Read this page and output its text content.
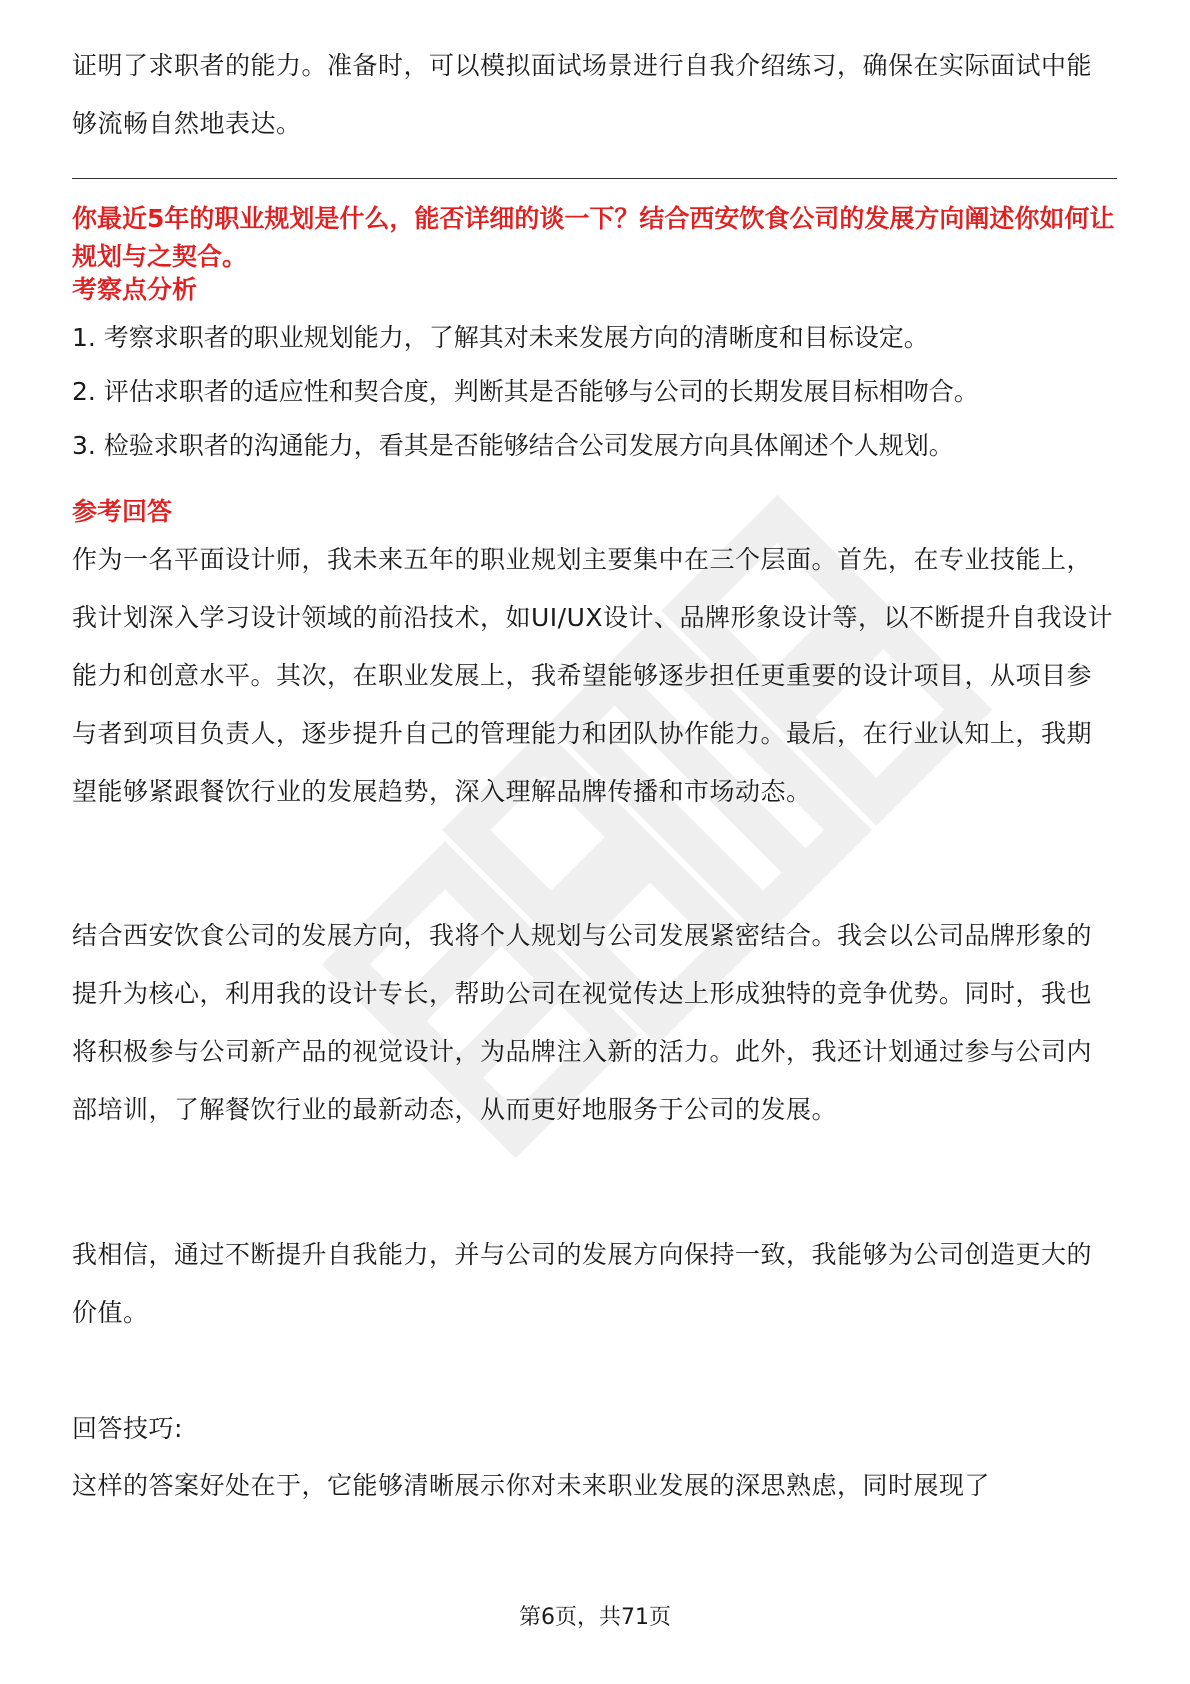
证明了求职者的能力。准备时，可以模拟面试场景进行自我介绍练习，确保在实际面试中能够流畅自然地表达。

你最近5年的职业规划是什么，能否详细的谈一下？结合西安饮食公司的发展方向阐述你如何让规划与之契合。

考察点分析

1. 考察求职者的职业规划能力，了解其对未来发展方向的清晰度和目标设定。

2. 评估求职者的适应性和契合度，判断其是否能够与公司的长期发展目标相吻合。

3. 检验求职者的沟通能力，看其是否能够结合公司发展方向具体阐述个人规划。

参考回答

作为一名平面设计师，我未来五年的职业规划主要集中在三个层面。首先，在专业技能上，我计划深入学习设计领域的前沿技术，如UI/UX设计、品牌形象设计等，以不断提升自我设计能力和创意水平。其次，在职业发展上，我希望能够逐步担任更重要的设计项目，从项目参与者到项目负责人，逐步提升自己的管理能力和团队协作能力。最后，在行业认知上，我期望能够紧跟餐饮行业的发展趋势，深入理解品牌传播和市场动态。

结合西安饮食公司的发展方向，我将个人规划与公司发展紧密结合。我会以公司品牌形象的提升为核心，利用我的设计专长，帮助公司在视觉传达上形成独特的竞争优势。同时，我也将积极参与公司新产品的视觉设计，为品牌注入新的活力。此外，我还计划通过参与公司内部培训，了解餐饮行业的最新动态，从而更好地服务于公司的发展。

我相信，通过不断提升自我能力，并与公司的发展方向保持一致，我能够为公司创造更大的价值。

回答技巧:

这样的答案好处在于，它能够清晰展示你对未来职业发展的深思熟虑，同时展现了

第6页，共71页
